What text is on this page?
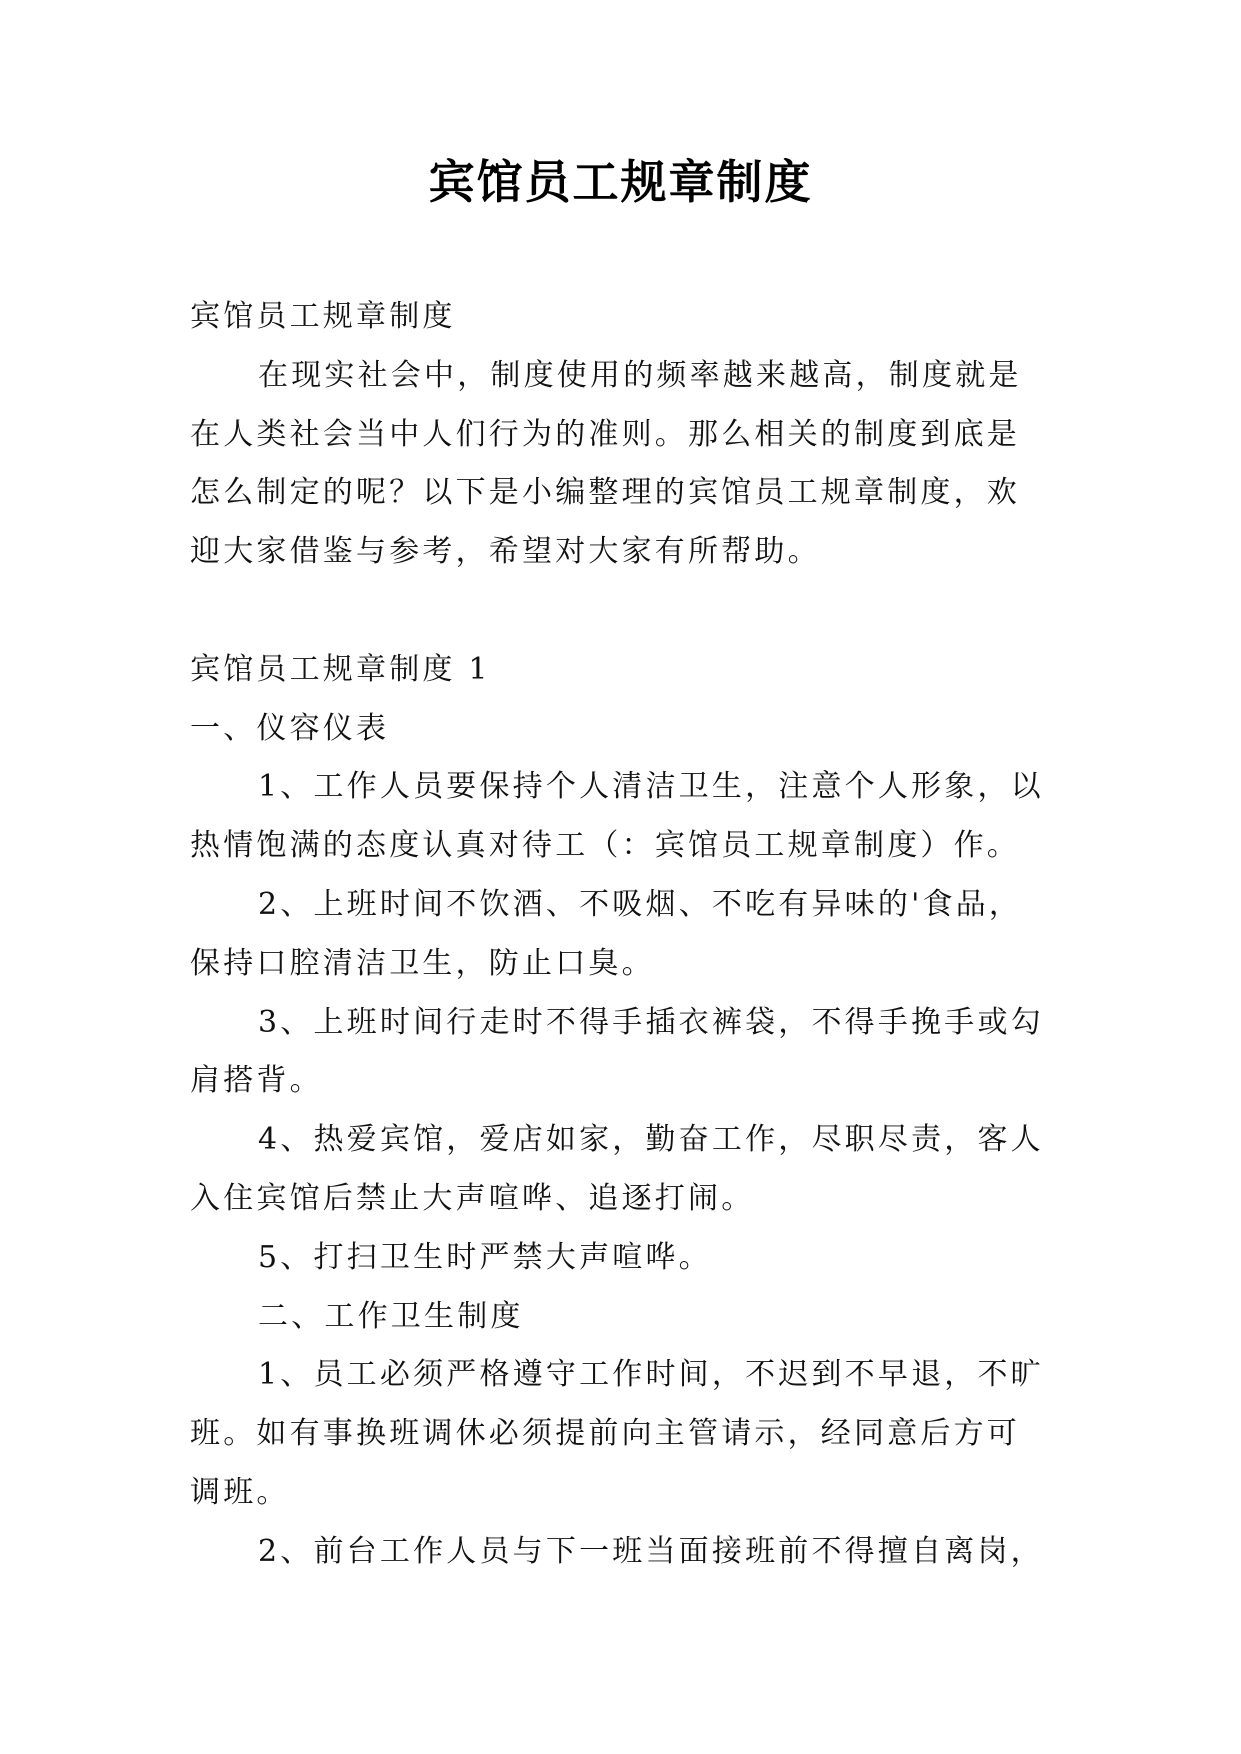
宾馆员工规章制度

宾馆员工规章制度

在现实社会中，制度使用的频率越来越高，制度就是在人类社会当中人们行为的准则。那么相关的制度到底是怎么制定的呢？以下是小编整理的宾馆员工规章制度，欢迎大家借鉴与参考，希望对大家有所帮助。

宾馆员工规章制度 1

一、仪容仪表

1、工作人员要保持个人清洁卫生，注意个人形象，以热情饱满的态度认真对待工（：宾馆员工规章制度）作。

2、上班时间不饮酒、不吸烟、不吃有异味的'食品，保持口腔清洁卫生，防止口臭。

3、上班时间行走时不得手插衣裤袋，不得手挽手或勾肩搭背。

4、热爱宾馆，爱店如家，勤奋工作，尽职尽责，客人入住宾馆后禁止大声喧哗、追逐打闹。

5、打扫卫生时严禁大声喧哗。

二、工作卫生制度

1、员工必须严格遵守工作时间，不迟到不早退，不旷班。如有事换班调休必须提前向主管请示，经同意后方可调班。

2、前台工作人员与下一班当面接班前不得擅自离岗，
